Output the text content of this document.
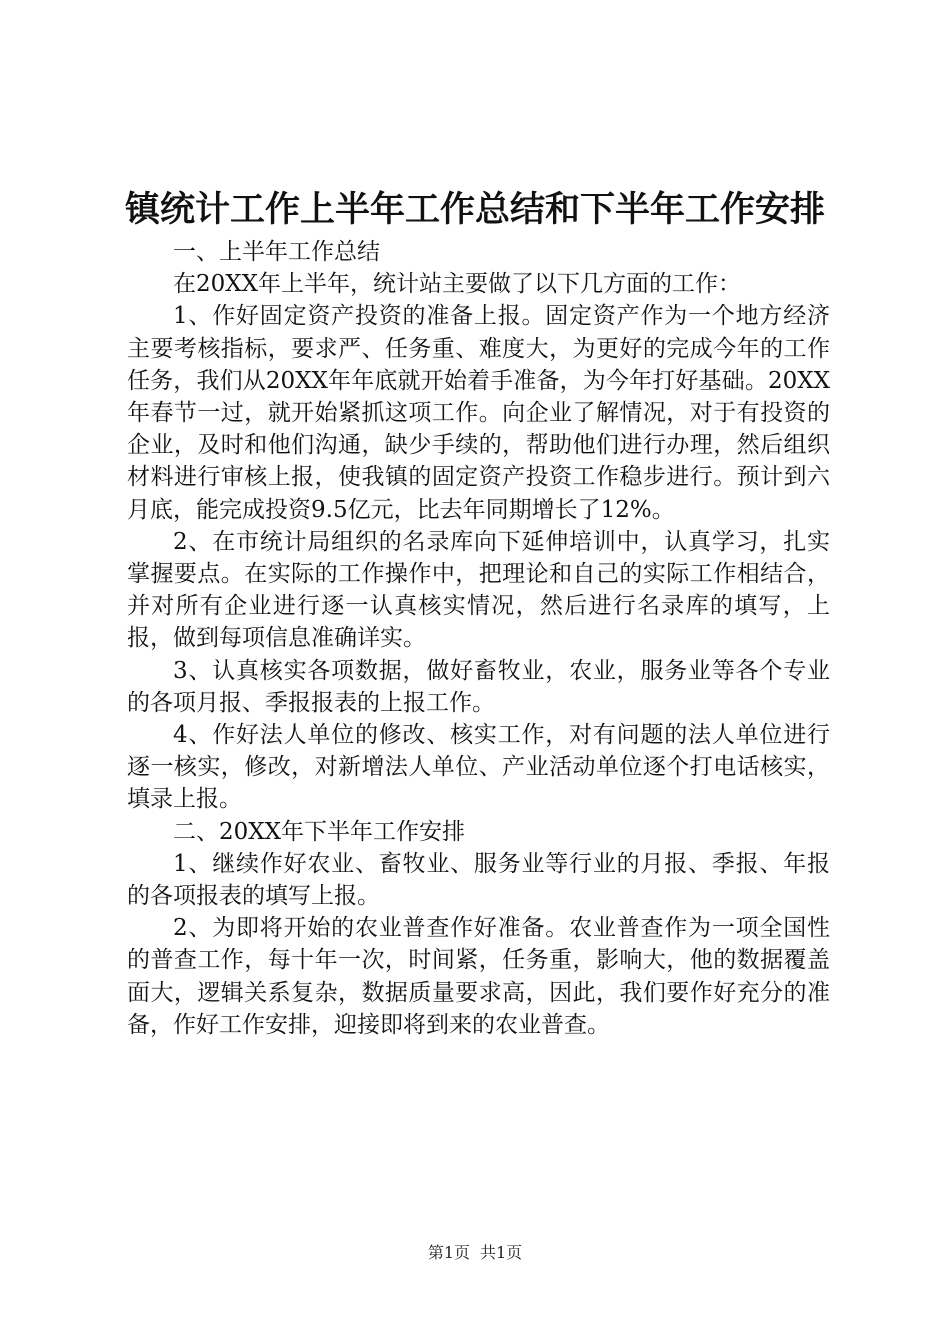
镇统计工作上半年工作总结和下半年工作安排

一、上半年工作总结

在20XX年上半年，统计站主要做了以下几方面的工作：

1、作好固定资产投资的准备上报。固定资产作为一个地方经济主要考核指标，要求严、任务重、难度大，为更好的完成今年的工作任务，我们从20XX年年底就开始着手准备，为今年打好基础。20XX年春节一过，就开始紧抓这项工作。向企业了解情况，对于有投资的企业，及时和他们沟通，缺少手续的，帮助他们进行办理，然后组织材料进行审核上报，使我镇的固定资产投资工作稳步进行。预计到六月底，能完成投资9.5亿元，比去年同期增长了12%。

2、在市统计局组织的名录库向下延伸培训中，认真学习，扎实掌握要点。在实际的工作操作中，把理论和自己的实际工作相结合，并对所有企业进行逐一认真核实情况，然后进行名录库的填写，上报，做到每项信息准确详实。

3、认真核实各项数据，做好畜牧业，农业，服务业等各个专业的各项月报、季报报表的上报工作。

4、作好法人单位的修改、核实工作，对有问题的法人单位进行逐一核实，修改，对新增法人单位、产业活动单位逐个打电话核实，填录上报。

二、20XX年下半年工作安排

1、继续作好农业、畜牧业、服务业等行业的月报、季报、年报的各项报表的填写上报。

2、为即将开始的农业普查作好准备。农业普查作为一项全国性的普查工作，每十年一次，时间紧，任务重，影响大，他的数据覆盖面大，逻辑关系复杂，数据质量要求高，因此，我们要作好充分的准备，作好工作安排，迎接即将到来的农业普查。

第1页 共1页
